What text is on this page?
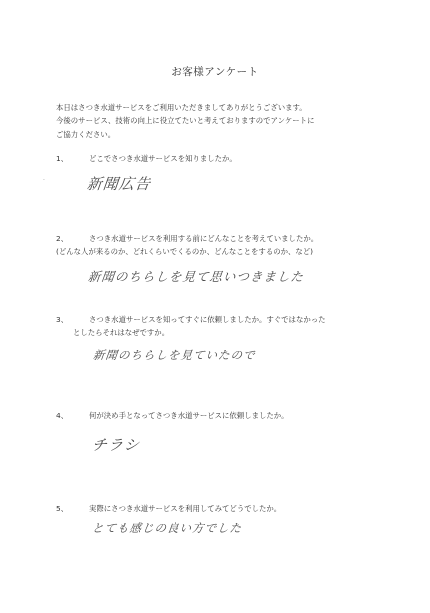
お客様アンケート
本日はさつき水道サービスをご利用いただきましてありがとうございます。
今後のサービス、技術の向上に役立てたいと考えておりますのでアンケートに
ご協力ください。
1、	どこでさつき水道サービスを知りましたか。
新聞広告
·
2、	さつき水道サービスを利用する前にどんなことを考えていましたか。
(どんな人が来るのか、どれくらいでくるのか、どんなことをするのか、など)
新聞のちらしを見て思いつきました
3、	さつき水道サービスを知ってすぐに依頼しましたか。すぐではなかった
としたらそれはなぜですか。
新聞のちらしを見ていたので
4、	何が決め手となってさつき水道サービスに依頼しましたか。
チラシ
5、	実際にさつき水道サービスを利用してみてどうでしたか。
とても感じの良い方でした
